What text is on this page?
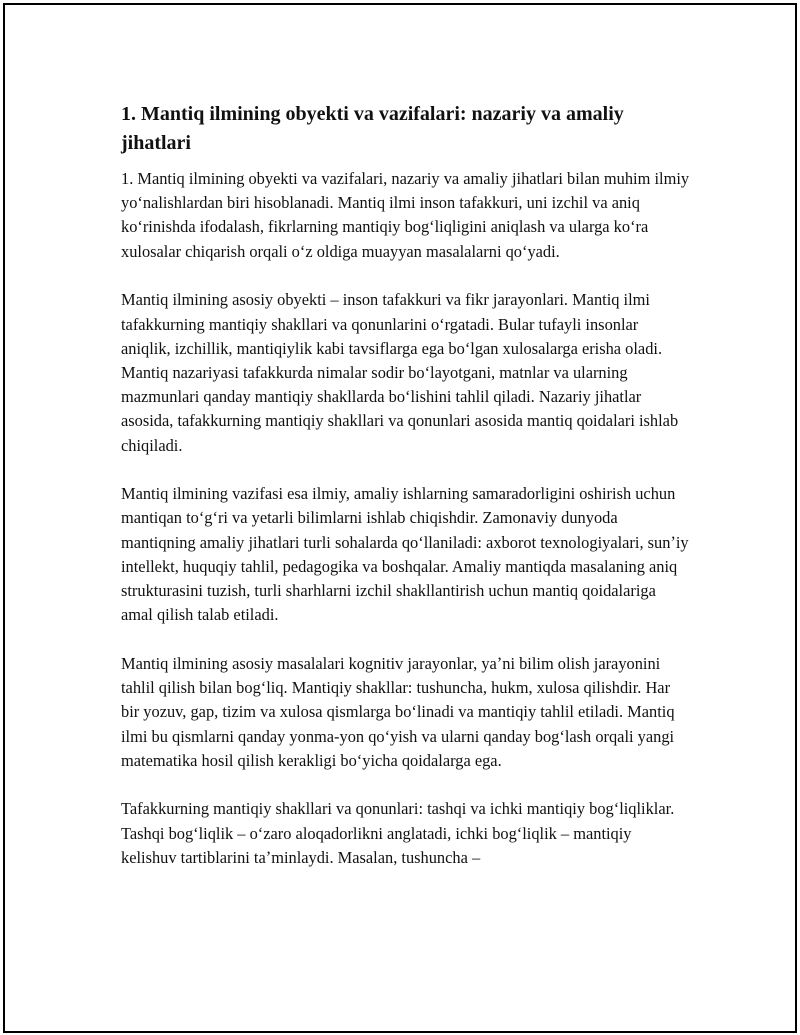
1. Mantiq ilmining obyekti va vazifalari: nazariy va amaliy jihatlari
1. Mantiq ilmining obyekti va vazifalari, nazariy va amaliy jihatlari bilan muhim ilmiy yoʻnalishlardan biri hisoblanadi. Mantiq ilmi inson tafakkuri, uni izchil va aniq koʻrinishda ifodalash, fikrlarning mantiqiy bogʻliqligini aniqlash va ularga koʻra xulosalar chiqarish orqali oʻz oldiga muayyan masalalarni qoʻyadi.
Mantiq ilmining asosiy obyekti – inson tafakkuri va fikr jarayonlari. Mantiq ilmi tafakkurning mantiqiy shakllari va qonunlarini oʻrgatadi. Bular tufayli insonlar aniqlik, izchillik, mantiqiylik kabi tavsiflarga ega boʻlgan xulosalarga erisha oladi. Mantiq nazariyasi tafakkurda nimalar sodir boʻlayotgani, matnlar va ularning mazmunlari qanday mantiqiy shakllarda boʻlishini tahlil qiladi. Nazariy jihatlar asosida, tafakkurning mantiqiy shakllari va qonunlari asosida mantiq qoidalari ishlab chiqiladi.
Mantiq ilmining vazifasi esa ilmiy, amaliy ishlarning samaradorligini oshirish uchun mantiqan toʻgʻri va yetarli bilimlarni ishlab chiqishdir. Zamonaviy dunyoda mantiqning amaliy jihatlari turli sohalarda qoʻllaniladi: axborot texnologiyalari, sunʼiy intellekt, huquqiy tahlil, pedagogika va boshqalar. Amaliy mantiqda masalaning aniq strukturasini tuzish, turli sharhlarni izchil shakllantirish uchun mantiq qoidalariga amal qilish talab etiladi.
Mantiq ilmining asosiy masalalari kognitiv jarayonlar, yaʼni bilim olish jarayonini tahlil qilish bilan bogʻliq. Mantiqiy shakllar: tushuncha, hukm, xulosa qilishdir. Har bir yozuv, gap, tizim va xulosa qismlarga boʻlinadi va mantiqiy tahlil etiladi. Mantiq ilmi bu qismlarni qanday yonma-yon qoʻyish va ularni qanday bogʻlash orqali yangi matematika hosil qilish kerakligi boʻyicha qoidalarga ega.
Tafakkurning mantiqiy shakllari va qonunlari: tashqi va ichki mantiqiy bogʻliqliklar. Tashqi bogʻliqlik – oʻzaro aloqadorlikni anglatadi, ichki bogʻliqlik – mantiqiy kelishuv tartiblarini taʼminlaydi. Masalan, tushuncha –
